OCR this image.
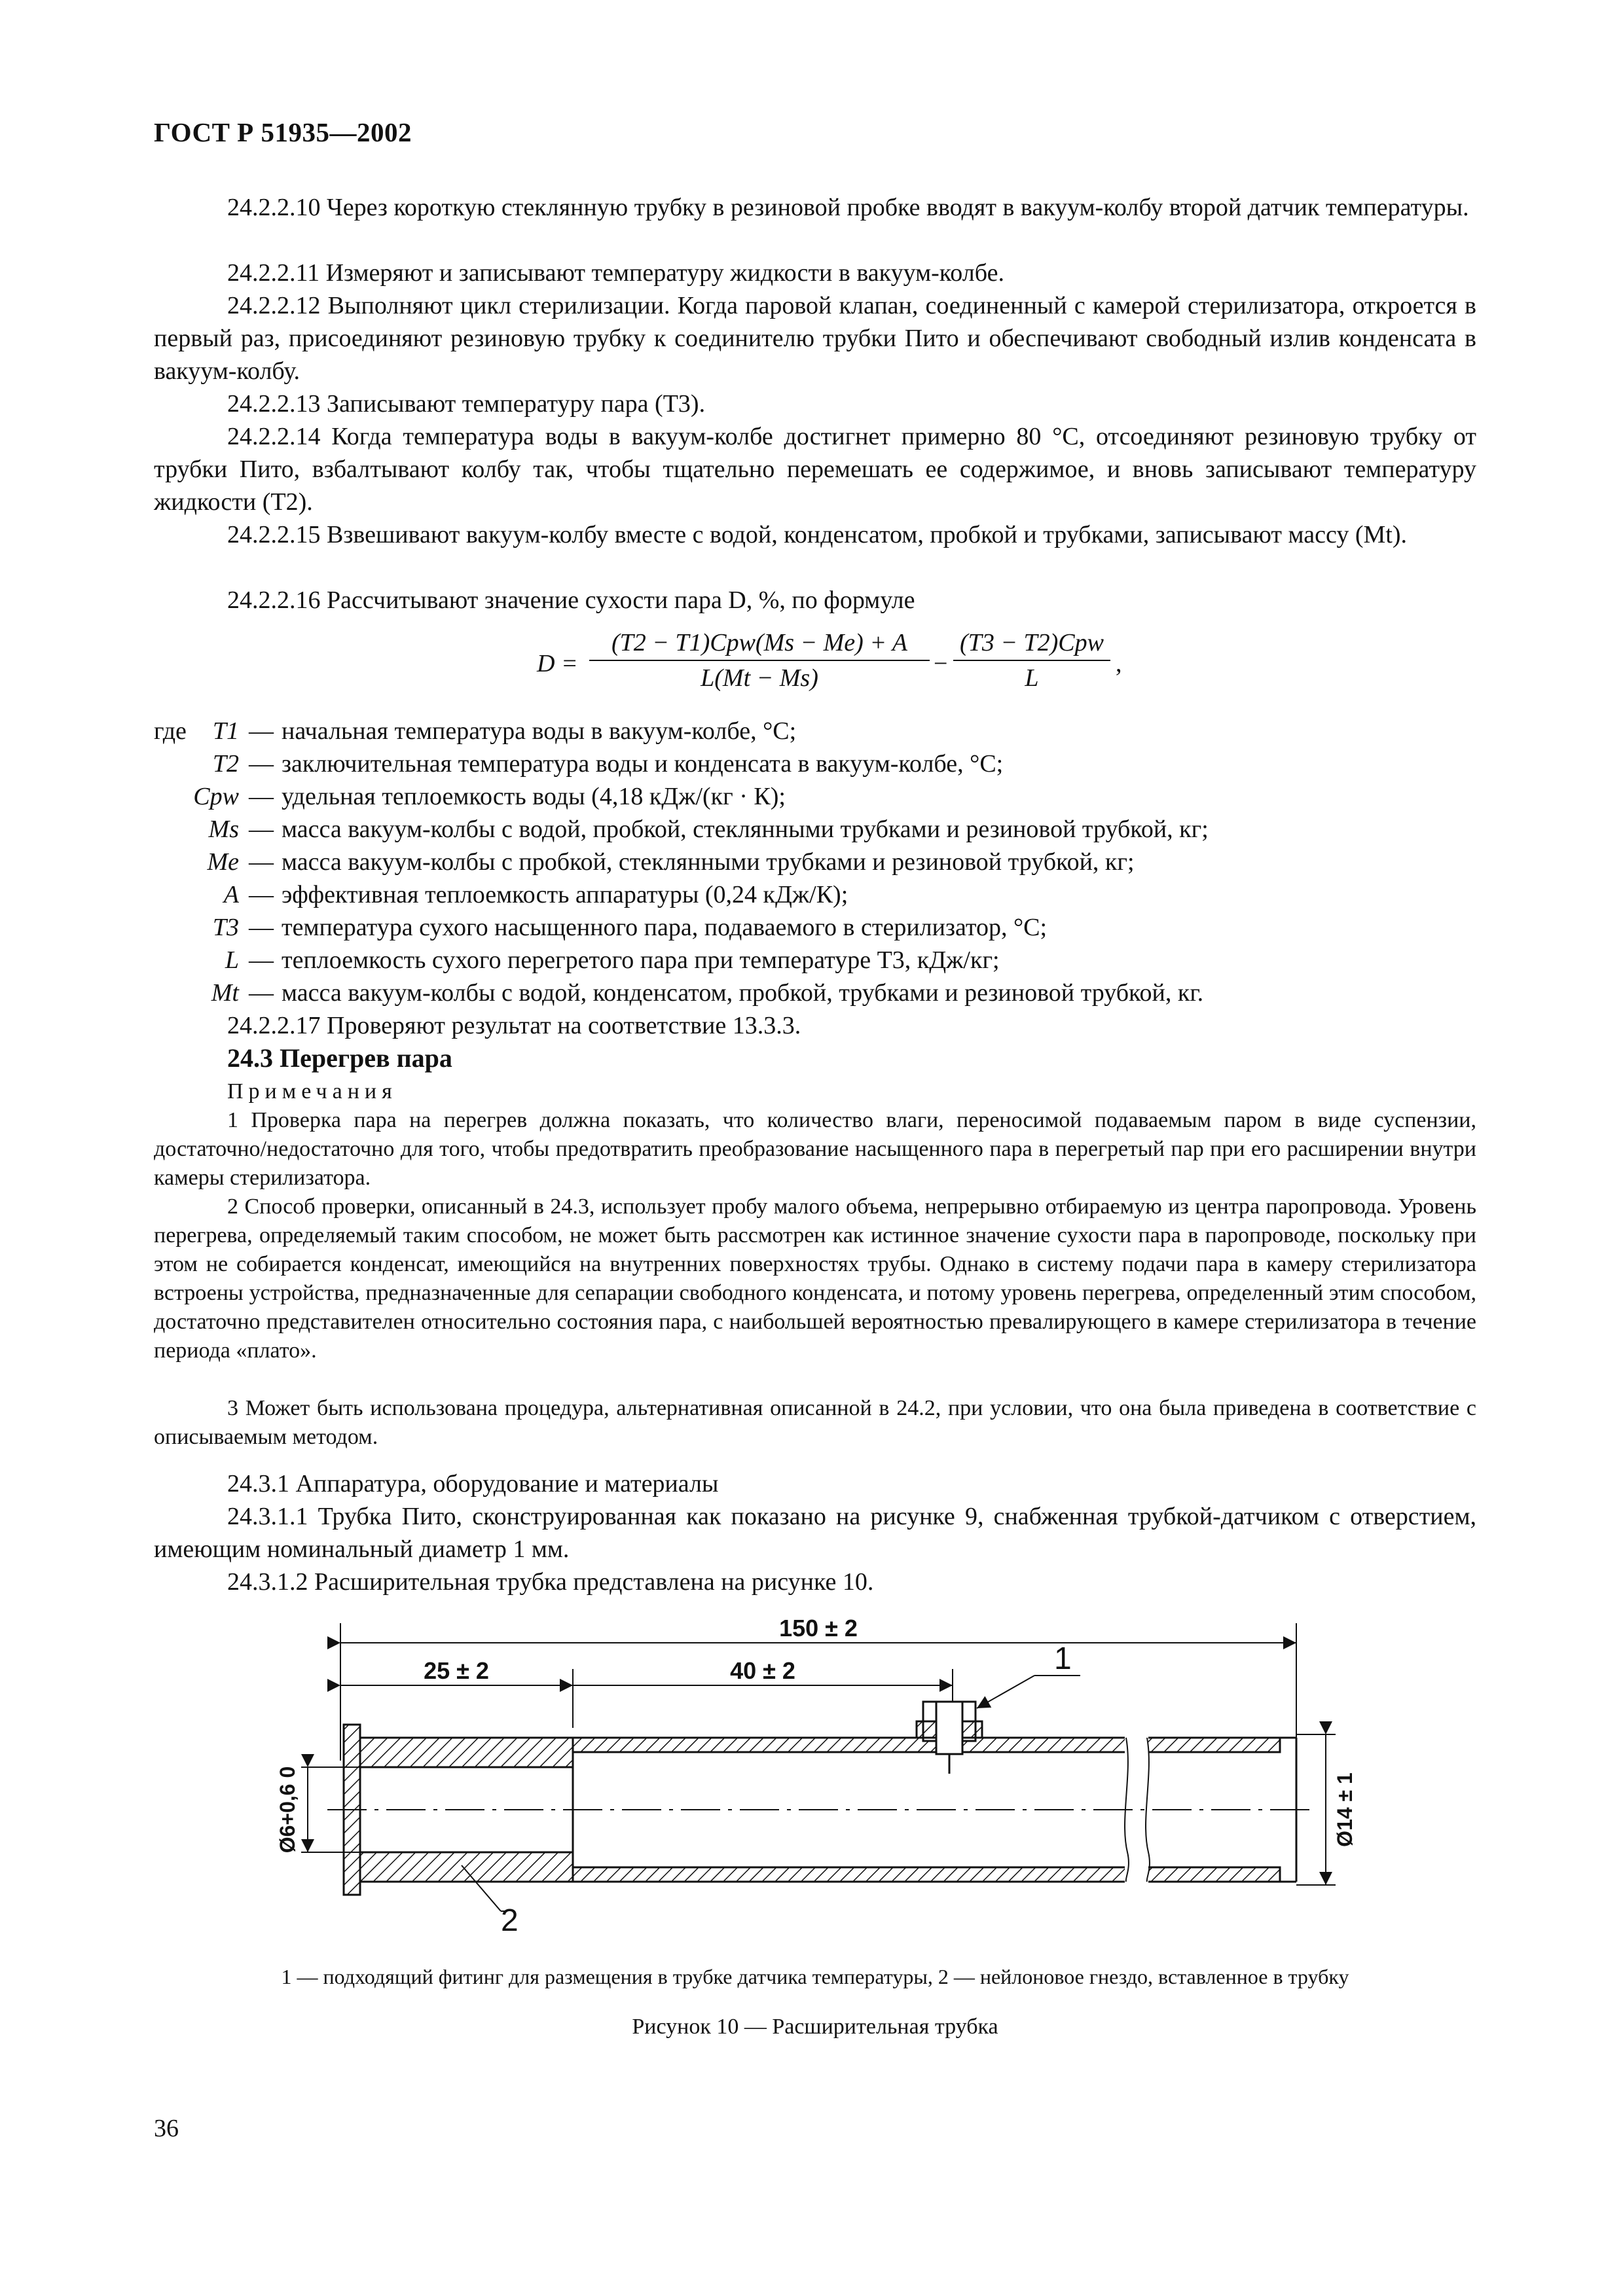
ГОСТ Р 51935—2002
24.2.2.10 Через короткую стеклянную трубку в резиновой пробке вводят в вакуум-колбу второй датчик температуры.
24.2.2.11 Измеряют и записывают температуру жидкости в вакуум-колбе.
24.2.2.12 Выполняют цикл стерилизации. Когда паровой клапан, соединенный с камерой стерилизатора, откроется в первый раз, присоединяют резиновую трубку к соединителю трубки Пито и обеспечивают свободный излив конденсата в вакуум-колбу.
24.2.2.13 Записывают температуру пара (T3).
24.2.2.14 Когда температура воды в вакуум-колбе достигнет примерно 80 °С, отсоединяют резиновую трубку от трубки Пито, взбалтывают колбу так, чтобы тщательно перемешать ее содержимое, и вновь записывают температуру жидкости (T2).
24.2.2.15 Взвешивают вакуум-колбу вместе с водой, конденсатом, пробкой и трубками, записывают массу (Mt).
24.2.2.16 Рассчитывают значение сухости пара D, %, по формуле
D =
(T2 − T1)Cpw(Ms − Me) + A
L(Mt − Ms)
−
(T3 − T2)Cpw
L
,
где	T1 — начальная температура воды в вакуум-колбе, °С;
T2 — заключительная температура воды и конденсата в вакуум-колбе, °С;
Cpw — удельная теплоемкость воды (4,18 кДж/(кг · К);
Ms — масса вакуум-колбы с водой, пробкой, стеклянными трубками и резиновой трубкой, кг;
Me — масса вакуум-колбы с пробкой, стеклянными трубками и резиновой трубкой, кг;
A — эффективная теплоемкость аппаратуры (0,24 кДж/К);
T3 — температура сухого насыщенного пара, подаваемого в стерилизатор, °С;
L — теплоемкость сухого перегретого пара при температуре T3, кДж/кг;
Mt — масса вакуум-колбы с водой, конденсатом, пробкой, трубками и резиновой трубкой, кг.
24.2.2.17 Проверяют результат на соответствие 13.3.3.
24.3 Перегрев пара
Примечания
1 Проверка пара на перегрев должна показать, что количество влаги, переносимой подаваемым паром в виде суспензии, достаточно/недостаточно для того, чтобы предотвратить преобразование насыщенного пара в перегретый пар при его расширении внутри камеры стерилизатора.
2 Способ проверки, описанный в 24.3, использует пробу малого объема, непрерывно отбираемую из центра паропровода. Уровень перегрева, определяемый таким способом, не может быть рассмотрен как истинное значение сухости пара в паропроводе, поскольку при этом не собирается конденсат, имеющийся на внутренних поверхностях трубы. Однако в систему подачи пара в камеру стерилизатора встроены устройства, предназначенные для сепарации свободного конденсата, и потому уровень перегрева, определенный этим способом, достаточно представителен относительно состояния пара, с наибольшей вероятностью превалирующего в камере стерилизатора в течение периода «плато».
3 Может быть использована процедура, альтернативная описанной в 24.2, при условии, что она была приведена в соответствие с описываемым методом.
24.3.1 Аппаратура, оборудование и материалы
24.3.1.1 Трубка Пито, сконструированная как показано на рисунке 9, снабженная трубкой-датчиком с отверстием, имеющим номинальный диаметр 1 мм.
24.3.1.2 Расширительная трубка представлена на рисунке 10.
150 ± 2
25 ± 2	40 ± 2
Ø6+0,6 0	Ø14 ± 1
1
2
1 — подходящий фитинг для размещения в трубке датчика температуры, 2 — нейлоновое гнездо, вставленное в трубку
Рисунок 10 — Расширительная трубка
36
